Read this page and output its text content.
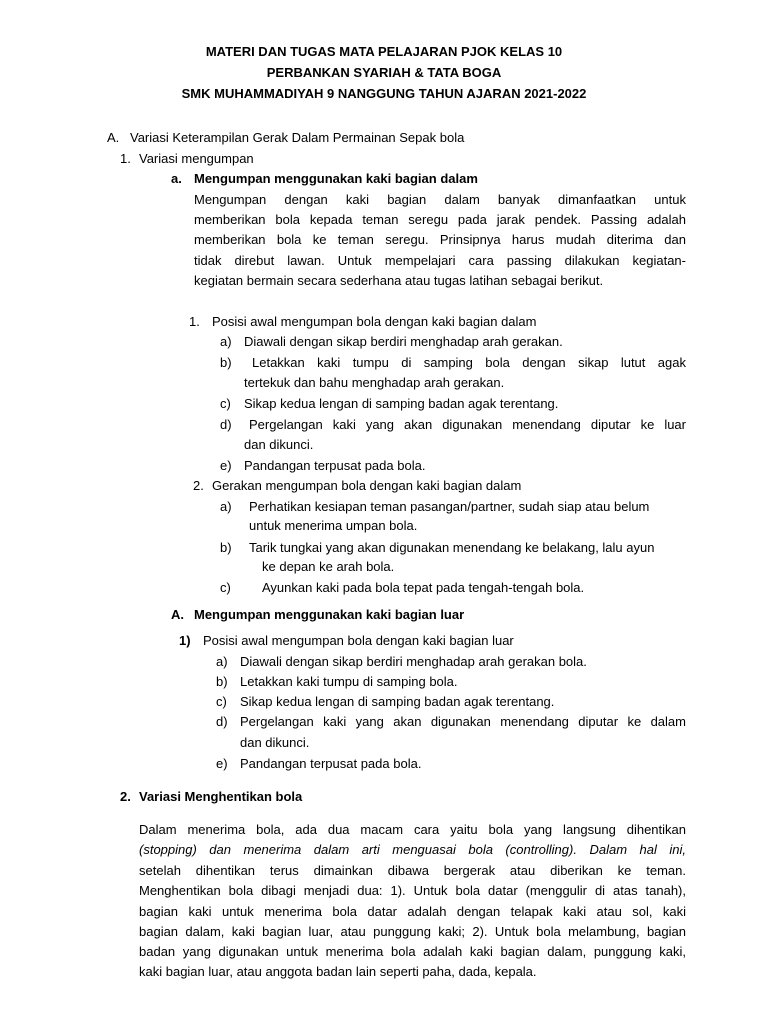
MATERI DAN TUGAS MATA PELAJARAN PJOK KELAS 10
PERBANKAN SYARIAH & TATA BOGA
SMK MUHAMMADIYAH 9 NANGGUNG TAHUN AJARAN 2021-2022
A. Variasi Keterampilan Gerak Dalam Permainan Sepak bola
1. Variasi mengumpan
a. Mengumpan menggunakan kaki bagian dalam
Mengumpan dengan kaki bagian dalam banyak dimanfaatkan untuk
memberikan bola kepada teman seregu pada jarak pendek. Passing adalah
memberikan bola ke teman seregu. Prinsipnya harus mudah diterima dan
tidak direbut lawan. Untuk mempelajari cara passing dilakukan kegiatan-
kegiatan bermain secara sederhana atau tugas latihan sebagai berikut.
1. Posisi awal mengumpan bola dengan kaki bagian dalam
a) Diawali dengan sikap berdiri menghadap arah gerakan.
b) Letakkan kaki tumpu di samping bola dengan sikap lutut agak
tertekuk dan bahu menghadap arah gerakan.
c) Sikap kedua lengan di samping badan agak terentang.
d) Pergelangan kaki yang akan digunakan menendang diputar ke luar
dan dikunci.
e) Pandangan terpusat pada bola.
2. Gerakan mengumpan bola dengan kaki bagian dalam
a) Perhatikan kesiapan teman pasangan/partner, sudah siap atau belum
untuk menerima umpan bola.
b) Tarik tungkai yang akan digunakan menendang ke belakang, lalu ayun
ke depan ke arah bola.
c) Ayunkan kaki pada bola tepat pada tengah-tengah bola.
A. Mengumpan menggunakan kaki bagian luar
1) Posisi awal mengumpan bola dengan kaki bagian luar
a) Diawali dengan sikap berdiri menghadap arah gerakan bola.
b) Letakkan kaki tumpu di samping bola.
c) Sikap kedua lengan di samping badan agak terentang.
d) Pergelangan kaki yang akan digunakan menendang diputar ke dalam
dan dikunci.
e) Pandangan terpusat pada bola.
2. Variasi Menghentikan bola
Dalam menerima bola, ada dua macam cara yaitu bola yang langsung dihentikan
(stopping) dan menerima dalam arti menguasai bola (controlling). Dalam hal ini,
setelah dihentikan terus dimainkan dibawa bergerak atau diberikan ke teman.
Menghentikan bola dibagi menjadi dua: 1). Untuk bola datar (menggulir di atas tanah),
bagian kaki untuk menerima bola datar adalah dengan telapak kaki atau sol, kaki
bagian dalam, kaki bagian luar, atau punggung kaki; 2). Untuk bola melambung, bagian
badan yang digunakan untuk menerima bola adalah kaki bagian dalam, punggung kaki,
kaki bagian luar, atau anggota badan lain seperti paha, dada, kepala.
